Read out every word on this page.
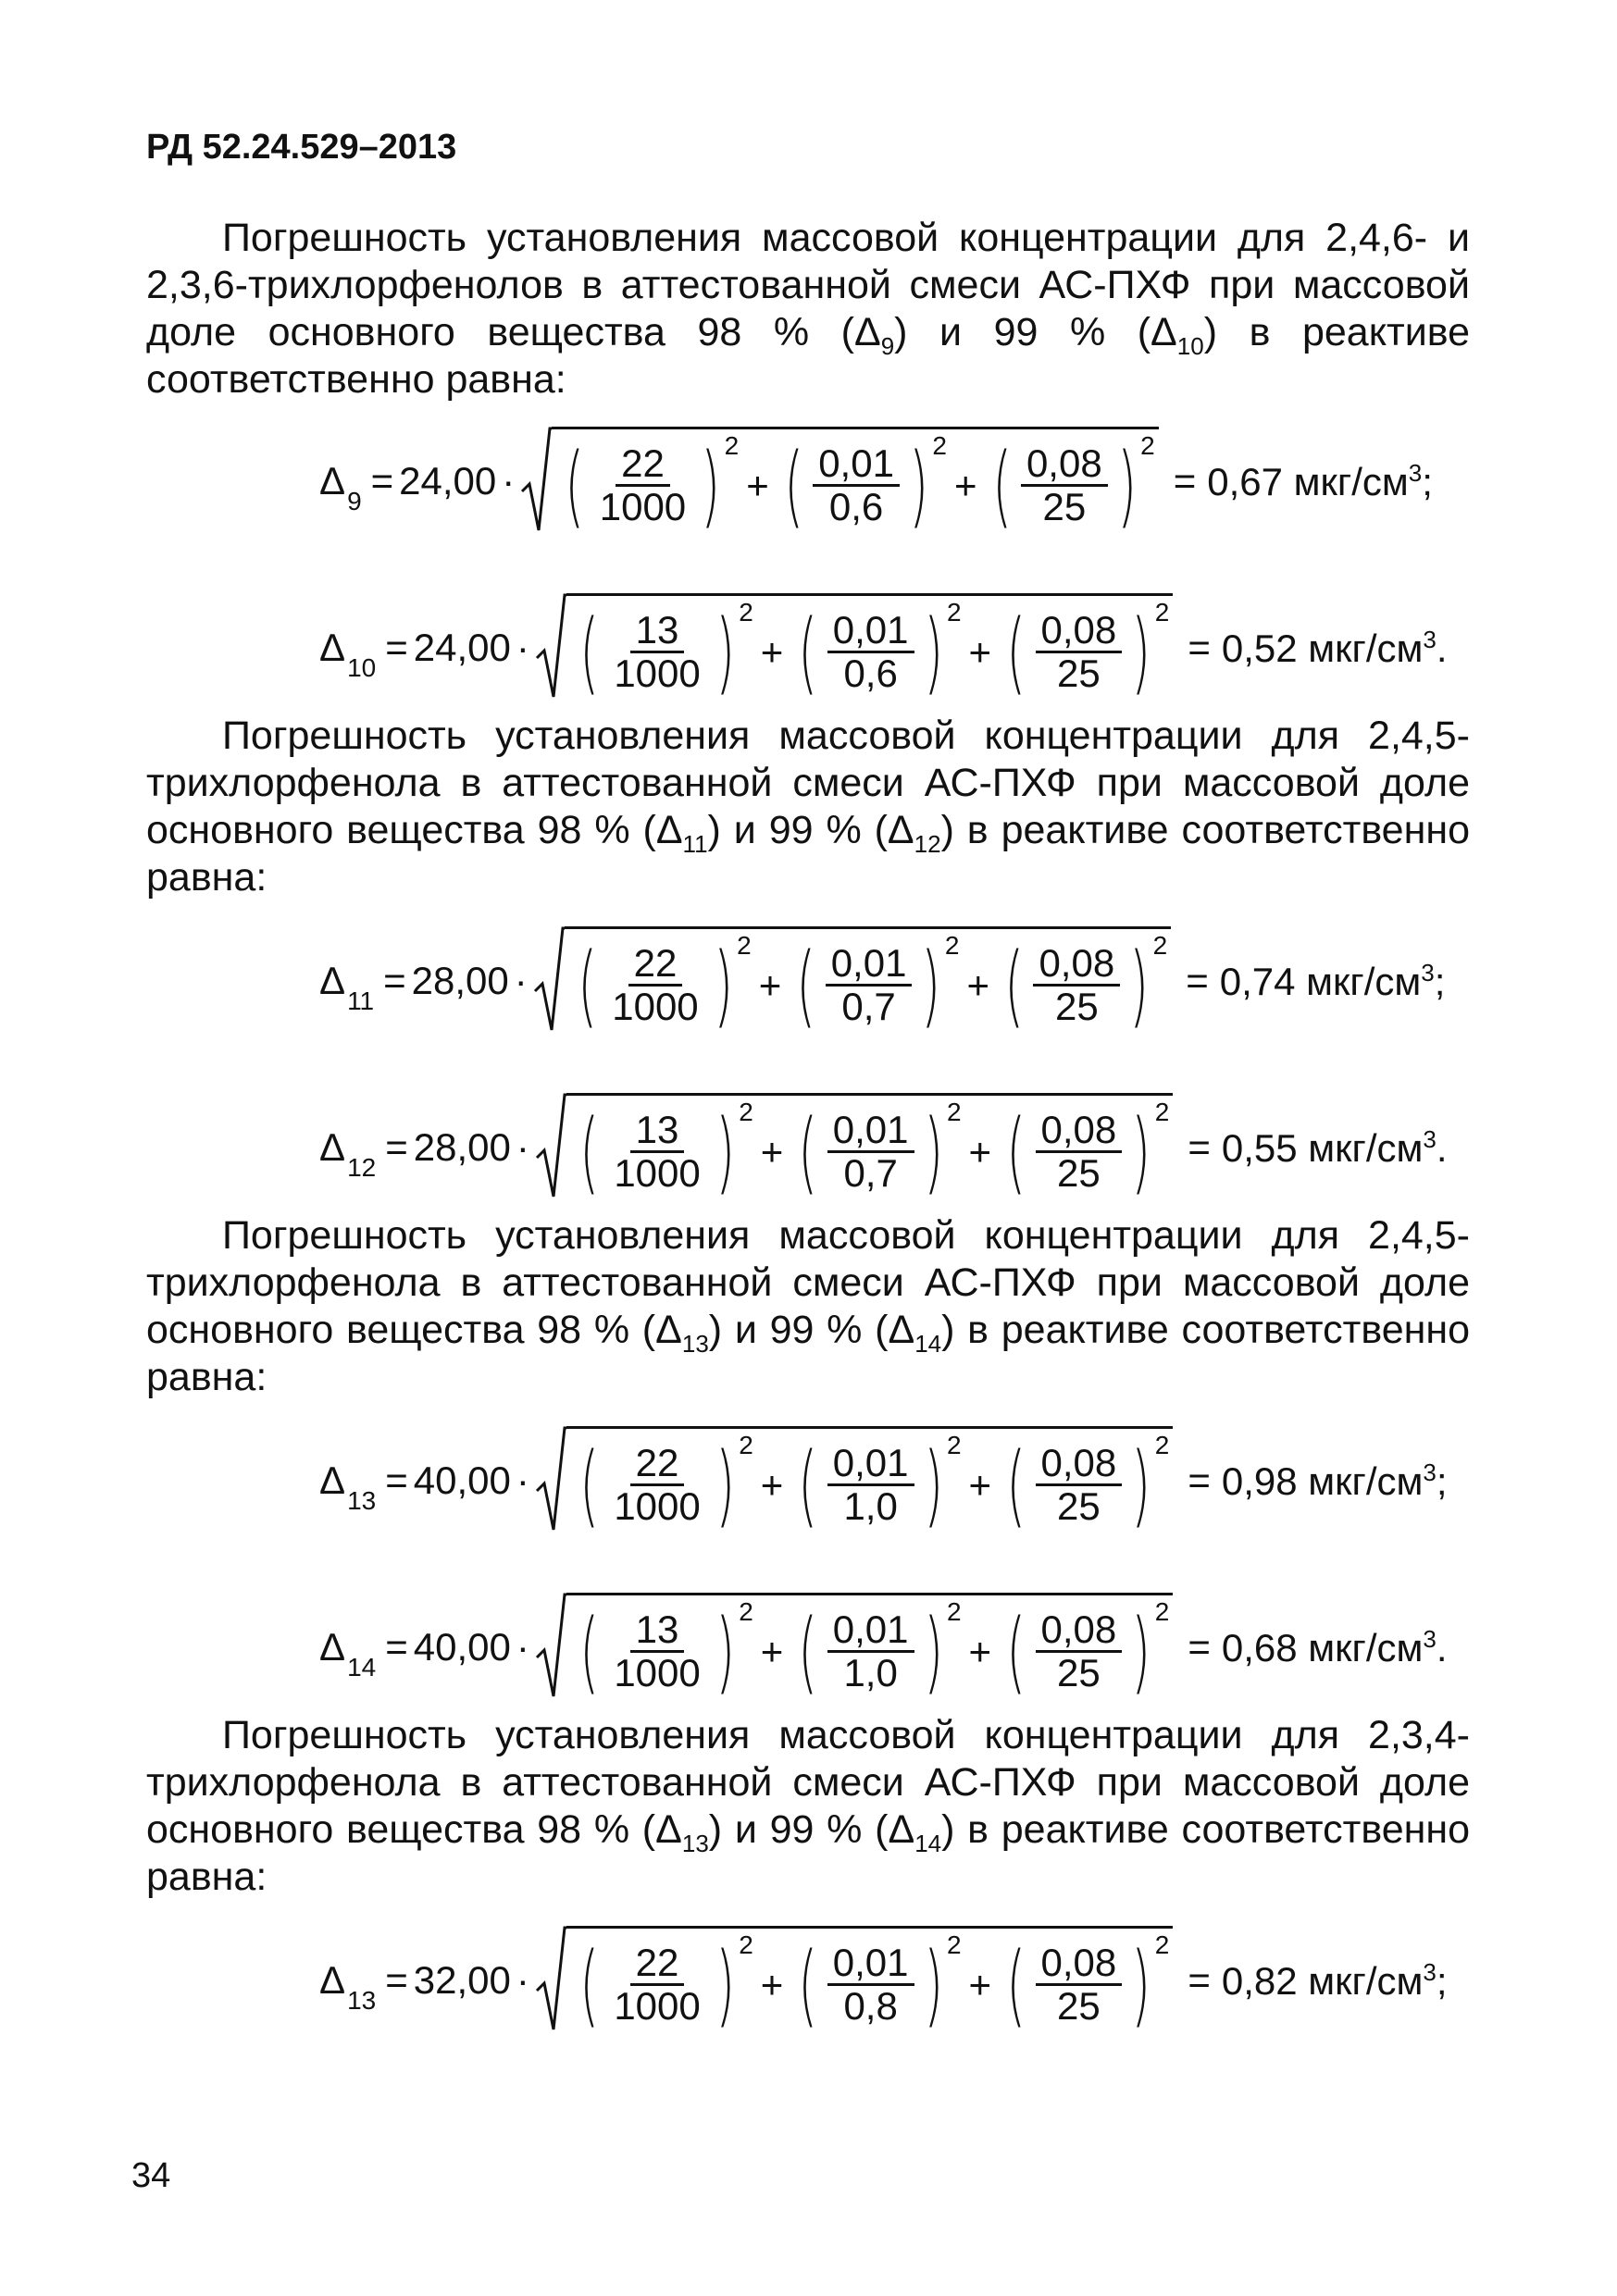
РД 52.24.529–2013
Погрешность установления массовой концентрации для 2,4,6- и 2,3,6-трихлорфенолов в аттестованной смеси АС-ПХФ при массовой доле основного вещества 98 % $(\Delta_9)$ и 99 % $(\Delta_{10})$ в реактиве соответственно равна:
Погрешность установления массовой концентрации для 2,4,5-трихлорфенола в аттестованной смеси АС-ПХФ при массовой доле основного вещества 98 % $(\Delta_{11})$ и 99 % $(\Delta_{12})$ в реактиве соответственно равна:
Погрешность установления массовой концентрации для 2,4,5-трихлорфенола в аттестованной смеси АС-ПХФ при массовой доле основного вещества 98 % $(\Delta_{13})$ и 99 % $(\Delta_{14})$ в реактиве соответственно равна:
Погрешность установления массовой концентрации для 2,3,4-трихлорфенола в аттестованной смеси АС-ПХФ при массовой доле основного вещества 98 % $(\Delta_{13})$ и 99 % $(\Delta_{14})$ в реактиве соответственно равна:
Δ 9 = 24,00 · ( $\frac{22}{1000}$ ) 2
+ ( $\frac{0,01}{0,6}$ ) 2
+ ( $\frac{0,08}{25}$ ) 2
= 0,67 мкг/$см^3$;
Δ 10 = 24,00 · ( $\frac{13}{1000}$ ) 2
+ ( $\frac{0,01}{0,6}$ ) 2
+ ( $\frac{0,08}{25}$ ) 2
= 0,52 мкг/$см^3$.
Δ 11 = 28,00 · ( $\frac{22}{1000}$ ) 2
+ ( $\frac{0,01}{0,7}$ ) 2
+ ( $\frac{0,08}{25}$ ) 2
= 0,74 мкг/$см^3$;
Δ 12 = 28,00 · ( $\frac{13}{1000}$ ) 2
+ ( $\frac{0,01}{0,7}$ ) 2
+ ( $\frac{0,08}{25}$ ) 2
= 0,55 мкг/$см^3$.
Δ 13 = 40,00 · ( $\frac{22}{1000}$ ) 2
+ ( $\frac{0,01}{1,0}$ ) 2
+ ( $\frac{0,08}{25}$ ) 2
= 0,98 мкг/$см^3$;
Δ 14 = 40,00 · ( $\frac{13}{1000}$ ) 2
+ ( $\frac{0,01}{1,0}$ ) 2
+ ( $\frac{0,08}{25}$ ) 2
= 0,68 мкг/$см^3$.
Δ 13 = 32,00 · ( $\frac{22}{1000}$ ) 2
+ ( $\frac{0,01}{0,8}$ ) 2
+ ( $\frac{0,08}{25}$ ) 2
= 0,82 мкг/$см^3$;
34
